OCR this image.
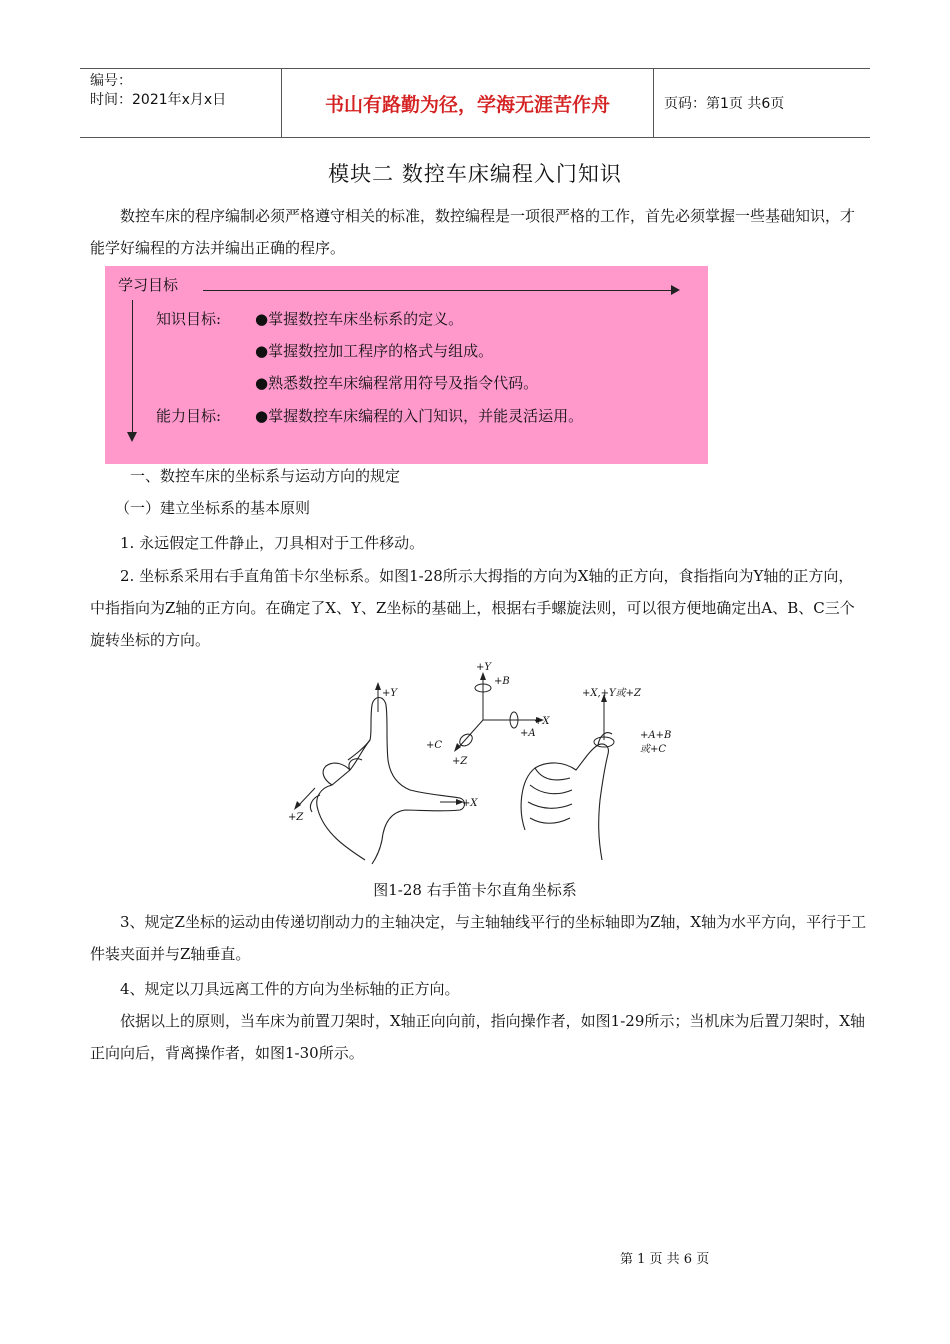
编号：
时间：2021年x月x日	书山有路勤为径，学海无涯苦作舟	页码：第1页 共6页
模块二 数控车床编程入门知识

数控车床的程序编制必须严格遵守相关的标准，数控编程是一项很严格的工作，首先必须掌握一些基础知识，才能学好编程的方法并编出正确的程序。

学习目标
知识目标: ●掌握数控车床坐标系的定义。
●掌握数控加工程序的格式与组成。
●熟悉数控车床编程常用符号及指令代码。
能力目标: ●掌握数控车床编程的入门知识，并能灵活运用。

一、数控车床的坐标系与运动方向的规定

（一）建立坐标系的基本原则

1. 永远假定工件静止，刀具相对于工件移动。

2. 坐标系采用右手直角笛卡尔坐标系。如图1-28所示大拇指的方向为X轴的正方向，食指指向为Y轴的正方向，中指指向为Z轴的正方向。在确定了X、Y、Z坐标的基础上，根据右手螺旋法则，可以很方便地确定出A、B、C三个旋转坐标的方向。

+Y
+X
+Z
+Y
+B
+X
+A
+C
+Z
+X,+Y或+Z
+A+B
或+C
图1-28 右手笛卡尔直角坐标系

3、规定Z坐标的运动由传递切削动力的主轴决定，与主轴轴线平行的坐标轴即为Z轴，X轴为水平方向，平行于工件装夹面并与Z轴垂直。

4、规定以刀具远离工件的方向为坐标轴的正方向。

依据以上的原则，当车床为前置刀架时，X轴正向向前，指向操作者，如图1-29所示；当机床为后置刀架时，X轴正向向后，背离操作者，如图1-30所示。

第 1 页 共 6 页
